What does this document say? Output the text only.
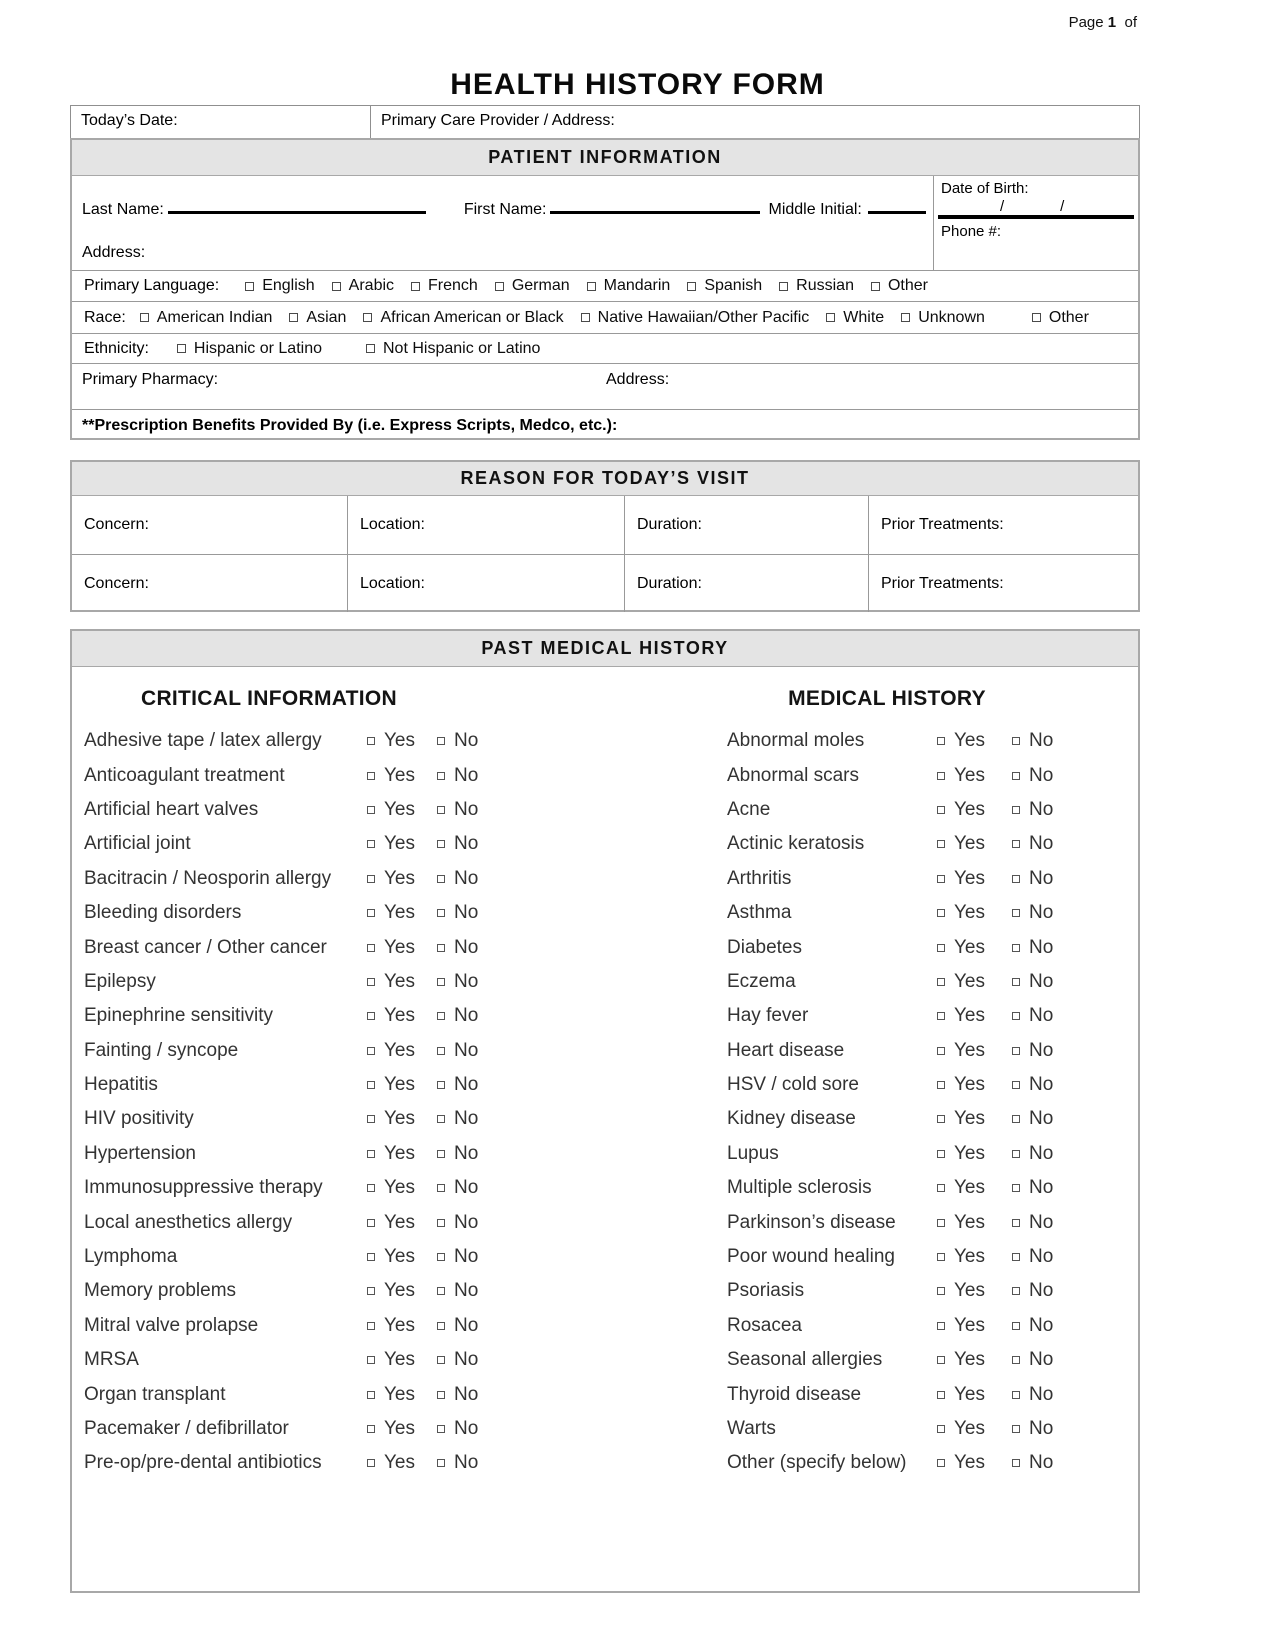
Page 1 of
HEALTH HISTORY FORM
Today’s Date:	Primary Care Provider / Address:
PATIENT INFORMATION
Last Name:	First Name:	Middle Initial:
Address:
Date of Birth:
/	/
Phone #:
Primary Language:	English Arabic French German Mandarin Spanish Russian Other
Race: American Indian Asian African American or Black Native Hawaiian/Other Pacific White Unknown	Other
Ethnicity:	Hispanic or Latino	Not Hispanic or Latino
Primary Pharmacy:	Address:
**Prescription Benefits Provided By (i.e. Express Scripts, Medco, etc.):
REASON FOR TODAY’S VISIT
Concern:	Location:	Duration:	Prior Treatments:
Concern:	Location:	Duration:	Prior Treatments:
PAST MEDICAL HISTORY
CRITICAL INFORMATION	MEDICAL HISTORY
Adhesive tape / latex allergy	Yes No
Anticoagulant treatment	Yes No
Artificial heart valves	Yes No
Artificial joint	Yes No
Bacitracin / Neosporin allergy	Yes No
Bleeding disorders	Yes No
Breast cancer / Other cancer	Yes No
Epilepsy	Yes No
Epinephrine sensitivity	Yes No
Fainting / syncope	Yes No
Hepatitis	Yes No
HIV positivity	Yes No
Hypertension	Yes No
Immunosuppressive therapy	Yes No
Local anesthetics allergy	Yes No
Lymphoma	Yes No
Memory problems	Yes No
Mitral valve prolapse	Yes No
MRSA	Yes No
Organ transplant	Yes No
Pacemaker / defibrillator	Yes No
Pre-op/pre-dental antibiotics	Yes No
Abnormal moles	Yes No
Abnormal scars	Yes No
Acne	Yes No
Actinic keratosis	Yes No
Arthritis	Yes No
Asthma	Yes No
Diabetes	Yes No
Eczema	Yes No
Hay fever	Yes No
Heart disease	Yes No
HSV / cold sore	Yes No
Kidney disease	Yes No
Lupus	Yes No
Multiple sclerosis	Yes No
Parkinson’s disease	Yes No
Poor wound healing	Yes No
Psoriasis	Yes No
Rosacea	Yes No
Seasonal allergies	Yes No
Thyroid disease	Yes No
Warts	Yes No
Other (specify below)	Yes No
